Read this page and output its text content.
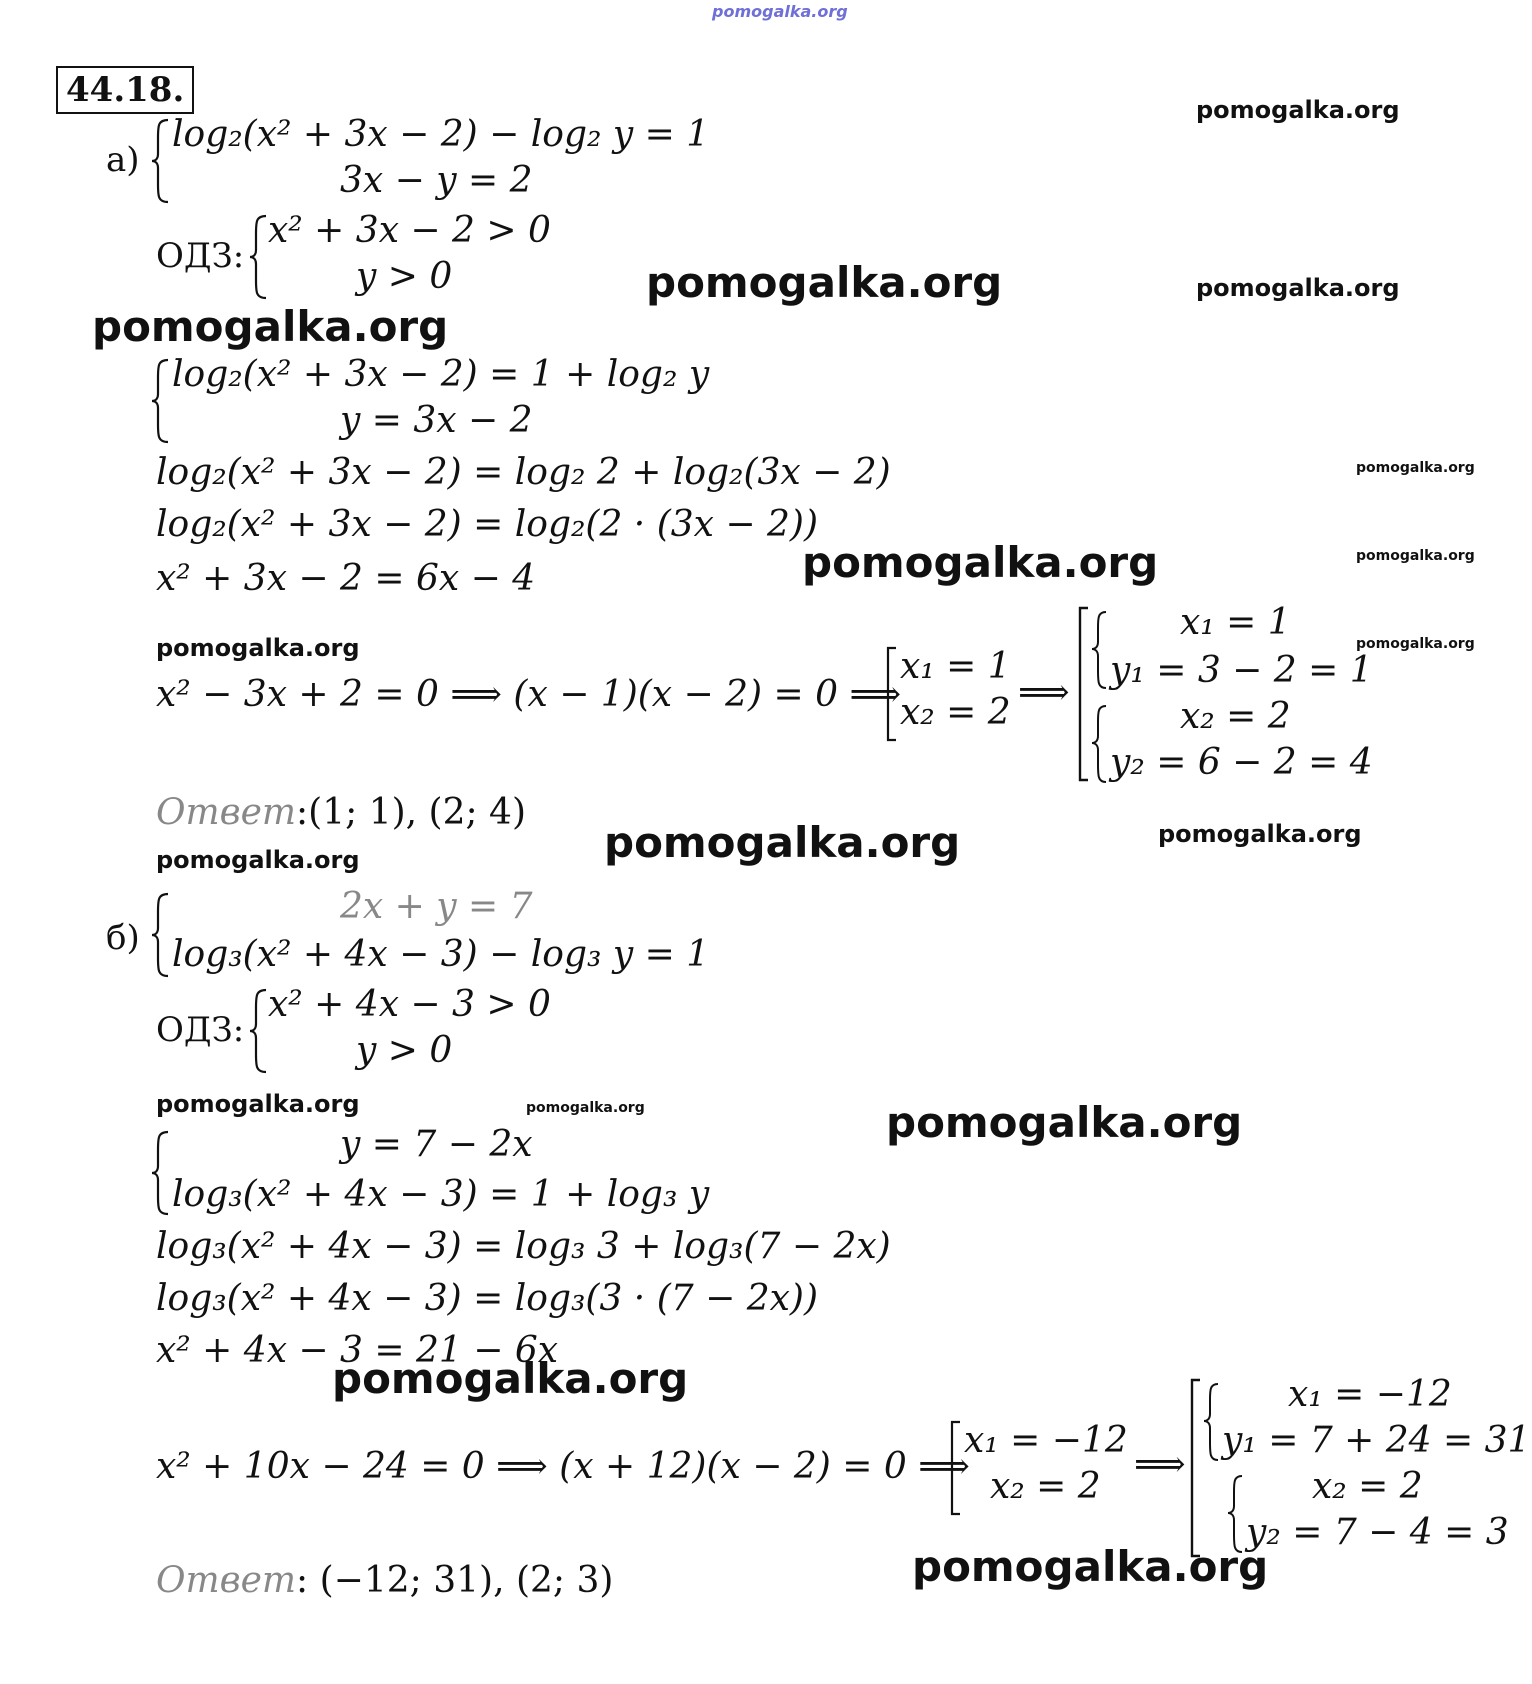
pomogalka.org
44.18.
а)
log₂(x² + 3x − 2) − log₂ y = 1
3x − y = 2
ОДЗ:
x² + 3x − 2 > 0
y > 0
log₂(x² + 3x − 2) = 1 + log₂ y
y = 3x − 2
log₂(x² + 3x − 2) = log₂ 2 + log₂(3x − 2)
log₂(x² + 3x − 2) = log₂(2 · (3x − 2))
x² + 3x − 2 = 6x − 4
x² − 3x + 2 = 0 ⟹ (x − 1)(x − 2) = 0 ⟹
x₁ = 1
x₂ = 2 ⟹
x₁ = 1
y₁ = 3 − 2 = 1
x₂ = 2
y₂ = 6 − 2 = 4
Ответ:(1; 1), (2; 4)
б)
2x + y = 7
log₃(x² + 4x − 3) − log₃ y = 1
ОДЗ:
x² + 4x − 3 > 0
y > 0
y = 7 − 2x
log₃(x² + 4x − 3) = 1 + log₃ y
log₃(x² + 4x − 3) = log₃ 3 + log₃(7 − 2x)
log₃(x² + 4x − 3) = log₃(3 · (7 − 2x))
x² + 4x − 3 = 21 − 6x
x² + 10x − 24 = 0 ⟹ (x + 12)(x − 2) = 0 ⟹
x₁ = −12
x₂ = 2
⟹
x₁ = −12
y₁ = 7 + 24 = 31
x₂ = 2
y₂ = 7 − 4 = 3
Ответ: (−12; 31), (2; 3)
pomogalka.org
pomogalka.org	pomogalka.org
pomogalka.org
pomogalka.org
pomogalka.org	pomogalka.org
pomogalka.org	pomogalka.org
pomogalka.org	pomogalka.org
pomogalka.org
pomogalka.org	pomogalka.org	pomogalka.org
pomogalka.org
pomogalka.org
